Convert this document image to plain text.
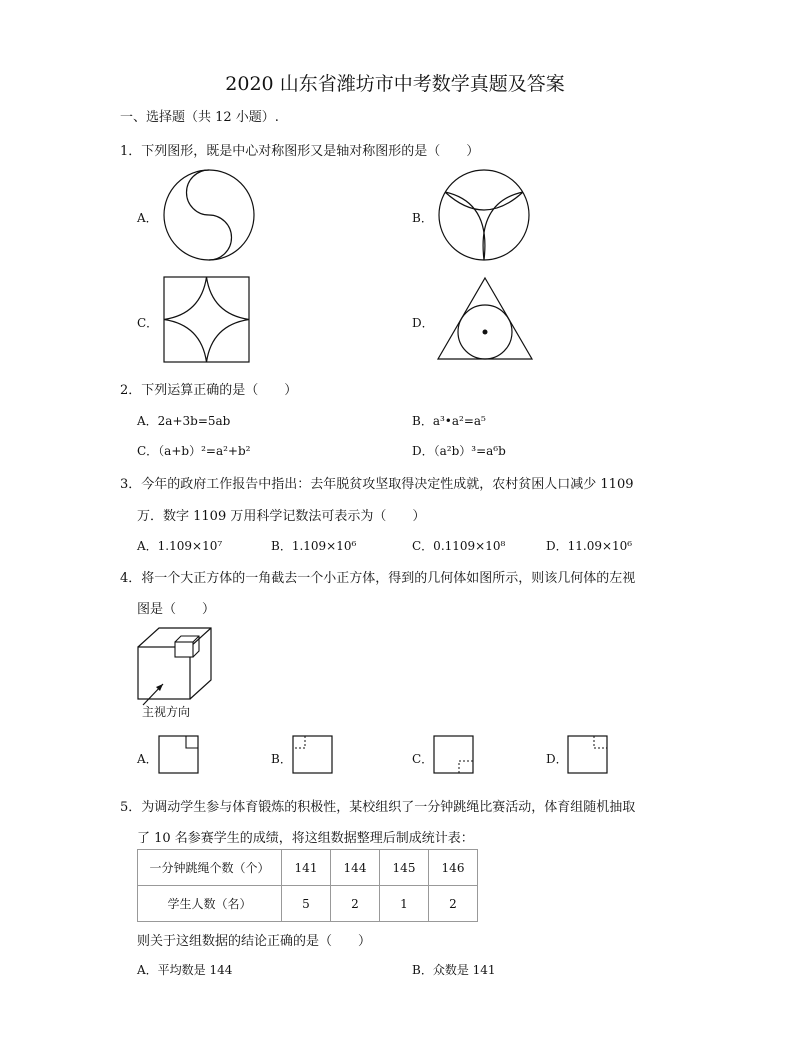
2020 山东省潍坊市中考数学真题及答案
一、选择题（共 12 小题）.
1．下列图形，既是中心对称图形又是轴对称图形的是（　　）
A．	B．
C．	D．
2．下列运算正确的是（　　）
A．2a+3b=5ab	B．a³•a²=a⁵
C．（a+b）²=a²+b²	D．（a²b）³=a⁶b
3．今年的政府工作报告中指出：去年脱贫攻坚取得决定性成就，农村贫困人口减少 1109
万．数字 1109 万用科学记数法可表示为（　　）
A．1.109×10⁷	B．1.109×10⁶	C．0.1109×10⁸	D．11.09×10⁶
4．将一个大正方体的一角截去一个小正方体，得到的几何体如图所示，则该几何体的左视
图是（　　）
主视方向
A．	B．	C．	D．
5．为调动学生参与体育锻炼的积极性，某校组织了一分钟跳绳比赛活动，体育组随机抽取
了 10 名参赛学生的成绩，将这组数据整理后制成统计表：
一分钟跳绳个数（个）	141	144	145	146
学生人数（名）	5	2	1	2
则关于这组数据的结论正确的是（　　）
A．平均数是 144	B．众数是 141
